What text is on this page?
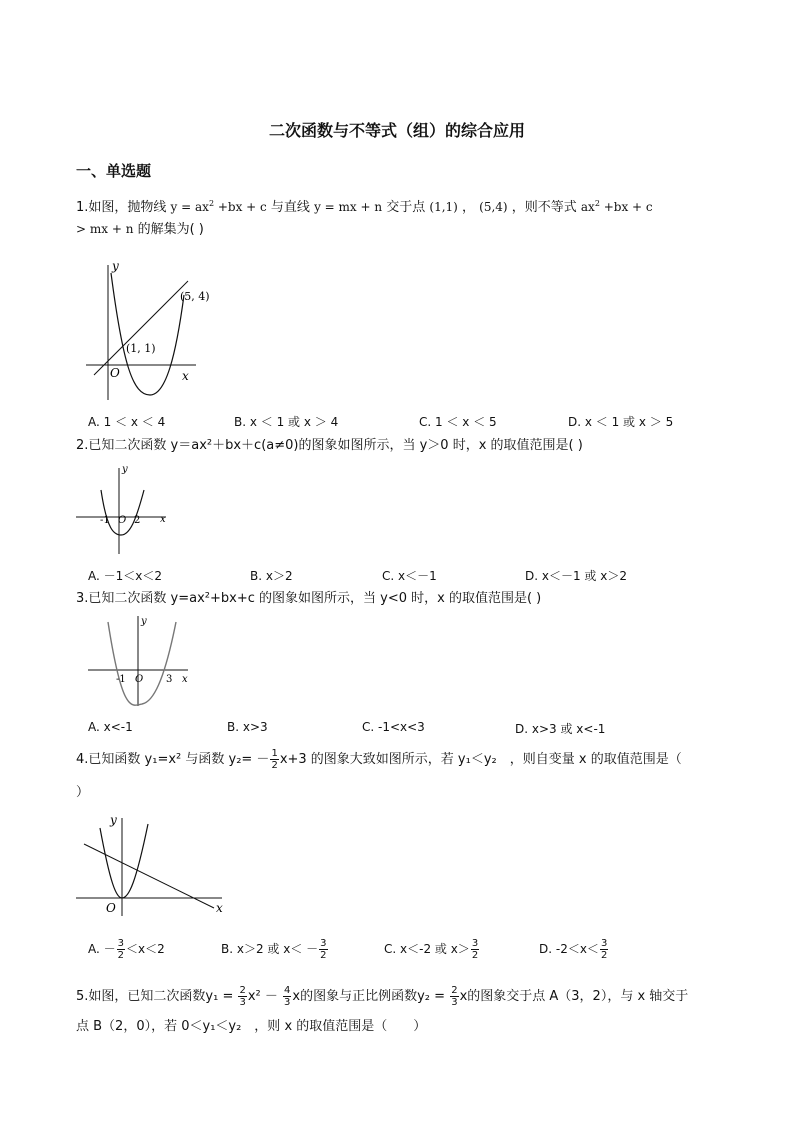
二次函数与不等式（组）的综合应用
一、单选题
1.如图，抛物线 $y = ax^2 +bx + c$ 与直线 y = mx + n 交于点 (1,1) ， (5,4) ，则不等式 $ax^2 +bx + c$
> mx + n 的解集为( )
y
x
O
(1, 1)
(5, 4)
A. 1 ＜ x ＜ 4	B. x ＜ 1 或 x ＞ 4	C. 1 ＜ x ＜ 5	D. x ＜ 1 或 x ＞ 5
2.已知二次函数 y＝ax²＋bx＋c(a≠0)的图象如图所示，当 y＞0 时，x 的取值范围是( )
y
x
O
-1 2
A. －1＜x＜2	B. x＞2	C. x＜－1	D. x＜－1 或 x＞2
3.已知二次函数 y=ax²+bx+c 的图象如图所示，当 y<0 时，x 的取值范围是( )
y
x
O
-1	3
A. x<-1	B. x>3	C. -1<x<3	D. x>3 或 x<-1
4.已知函数 y₁=x² 与函数 $y_2= - \frac{1}{2} x+3$ 的图象大致如图所示，若 y₁＜y₂　，则自变量 x 的取值范围是（
）
y
x
O
A. － $\frac{3}{2} <x<2$	B. x＞2 或 $x< - \frac{3}{2}$	C. x＜-2 或 $x> \frac{3}{2}$	D. $-2<x< \frac{3}{2}$
5.如图，已知二次函数$y_1 = \frac{2}{3} x^2 - \frac{4}{3}$ x的图象与正比例函数$y_2 = \frac{2}{3}$ x的图象交于点 A（3，2），与 x 轴交于
点 B（2，0），若 0＜y₁＜y₂　，则 x 的取值范围是（　　）
